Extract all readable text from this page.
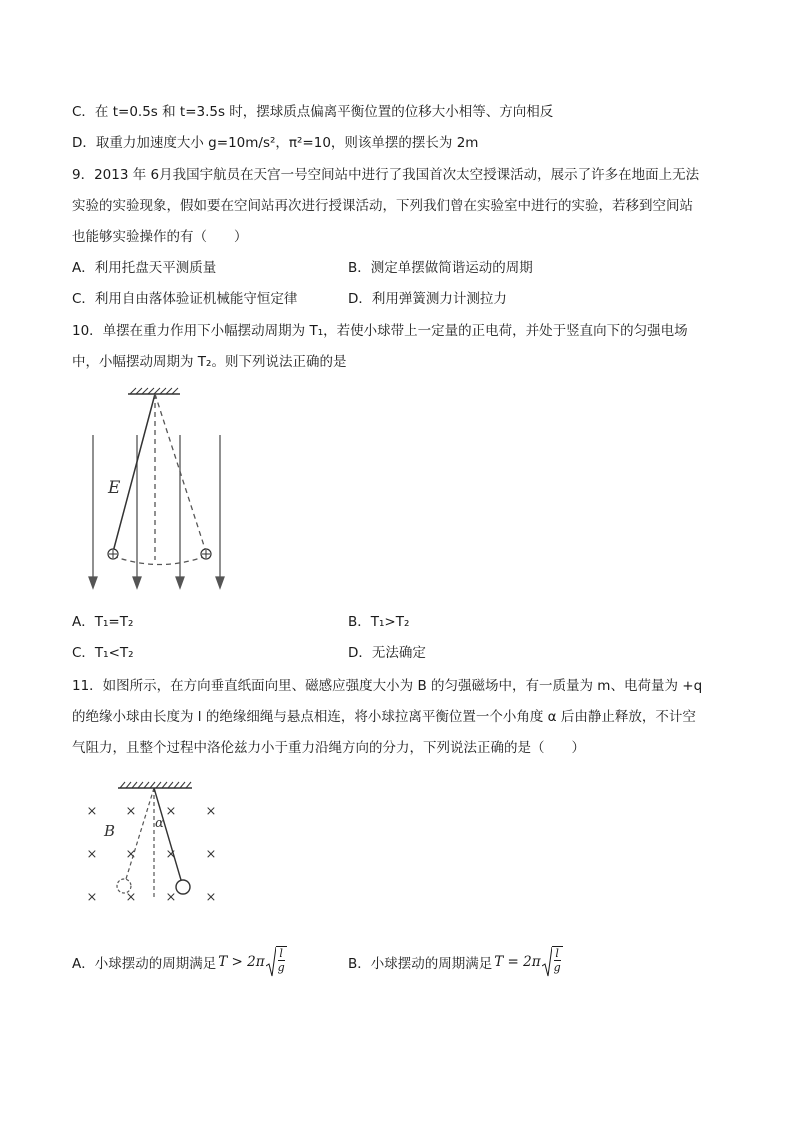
C．在 t=0.5s 和 t=3.5s 时，摆球质点偏离平衡位置的位移大小相等、方向相反
D．取重力加速度大小 g=10m/s²，π²=10，则该单摆的摆长为 2m
9．2013 年 6月我国宇航员在天宫一号空间站中进行了我国首次太空授课活动，展示了许多在地面上无法
实验的实验现象，假如要在空间站再次进行授课活动，下列我们曾在实验室中进行的实验，若移到空间站
也能够实验操作的有（　　）
A．利用托盘天平测质量	B．测定单摆做简谐运动的周期
C．利用自由落体验证机械能守恒定律	D．利用弹簧测力计测拉力
10．单摆在重力作用下小幅摆动周期为 T₁，若使小球带上一定量的正电荷，并处于竖直向下的匀强电场
中，小幅摆动周期为 T₂。则下列说法正确的是
E
A．T₁=T₂	B．T₁>T₂
C．T₁<T₂	D．无法确定
11．如图所示，在方向垂直纸面向里、磁感应强度大小为 B 的匀强磁场中，有一质量为 m、电荷量为 +q
的绝缘小球由长度为 l 的绝缘细绳与悬点相连，将小球拉离平衡位置一个小角度 α 后由静止释放，不计空
气阻力，且整个过程中洛伦兹力小于重力沿绳方向的分力，下列说法正确的是（　　）
× × × ×
× × × ×
× × × ×
B	α
A．小球摆动的周期满足 $T > 2\pi \frac{l}{g}$	B．小球摆动的周期满足 $T = 2\pi \frac{l}{g}$
